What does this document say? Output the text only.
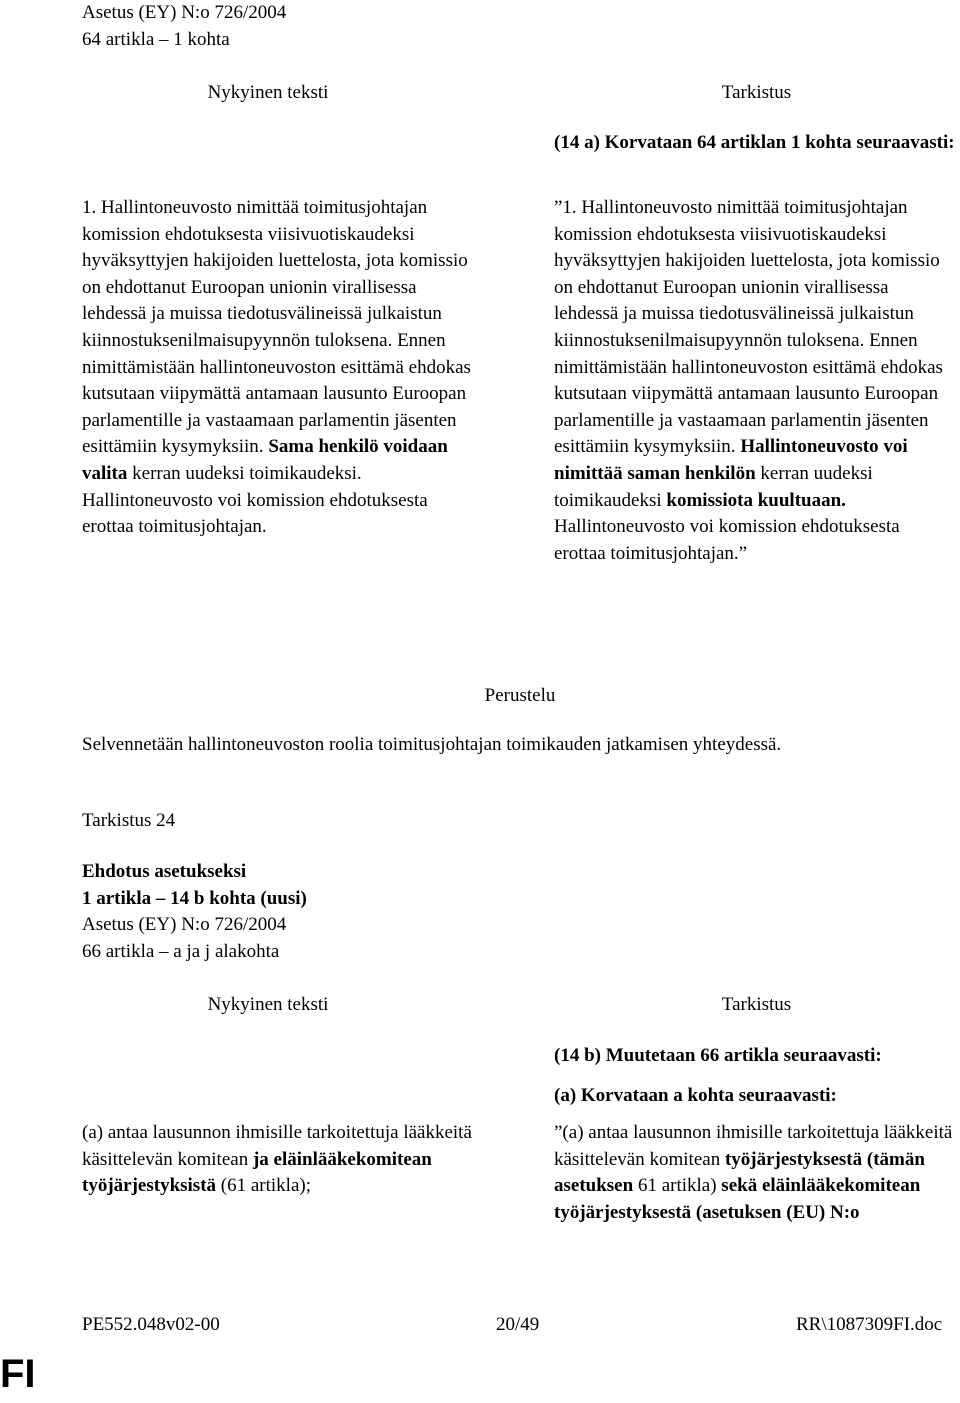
Asetus (EY) N:o 726/2004
64 artikla – 1 kohta
Nykyinen teksti	Tarkistus
(14 a) Korvataan 64 artiklan 1 kohta seuraavasti:
1. Hallintoneuvosto nimittää toimitusjohtajan komission ehdotuksesta viisivuotiskaudeksi hyväksyttyjen hakijoiden luettelosta, jota komissio on ehdottanut Euroopan unionin virallisessa lehdessä ja muissa tiedotusvälineissä julkaistun kiinnostuksenilmaisupyynnön tuloksena. Ennen nimittämistään hallintoneuvoston esittämä ehdokas kutsutaan viipymättä antamaan lausunto Euroopan parlamentille ja vastaamaan parlamentin jäsenten esittämiin kysymyksiin. Sama henkilö voidaan valita kerran uudeksi toimikaudeksi. Hallintoneuvosto voi komission ehdotuksesta erottaa toimitusjohtajan.
”1. Hallintoneuvosto nimittää toimitusjohtajan komission ehdotuksesta viisivuotiskaudeksi hyväksyttyjen hakijoiden luettelosta, jota komissio on ehdottanut Euroopan unionin virallisessa lehdessä ja muissa tiedotusvälineissä julkaistun kiinnostuksenilmaisupyynnön tuloksena. Ennen nimittämistään hallintoneuvoston esittämä ehdokas kutsutaan viipymättä antamaan lausunto Euroopan parlamentille ja vastaamaan parlamentin jäsenten esittämiin kysymyksiin. Hallintoneuvosto voi nimittää saman henkilön kerran uudeksi toimikaudeksi komissiota kuultuaan. Hallintoneuvosto voi komission ehdotuksesta erottaa toimitusjohtajan.”
Perustelu
Selvennetään hallintoneuvoston roolia toimitusjohtajan toimikauden jatkamisen yhteydessä.
Tarkistus 24
Ehdotus asetukseksi
1 artikla – 14 b kohta (uusi)
Asetus (EY) N:o 726/2004
66 artikla – a ja j alakohta
Nykyinen teksti	Tarkistus
(14 b) Muutetaan 66 artikla seuraavasti:
(a) Korvataan a kohta seuraavasti:
(a) antaa lausunnon ihmisille tarkoitettuja lääkkeitä käsittelevän komitean ja eläinlääkekomitean työjärjestyksistä (61 artikla);
”(a) antaa lausunnon ihmisille tarkoitettuja lääkkeitä käsittelevän komitean työjärjestyksestä (tämän asetuksen 61 artikla) sekä eläinlääkekomitean työjärjestyksestä (asetuksen (EU) N:o
PE552.048v02-00	20/49	RR\1087309FI.doc
FI
